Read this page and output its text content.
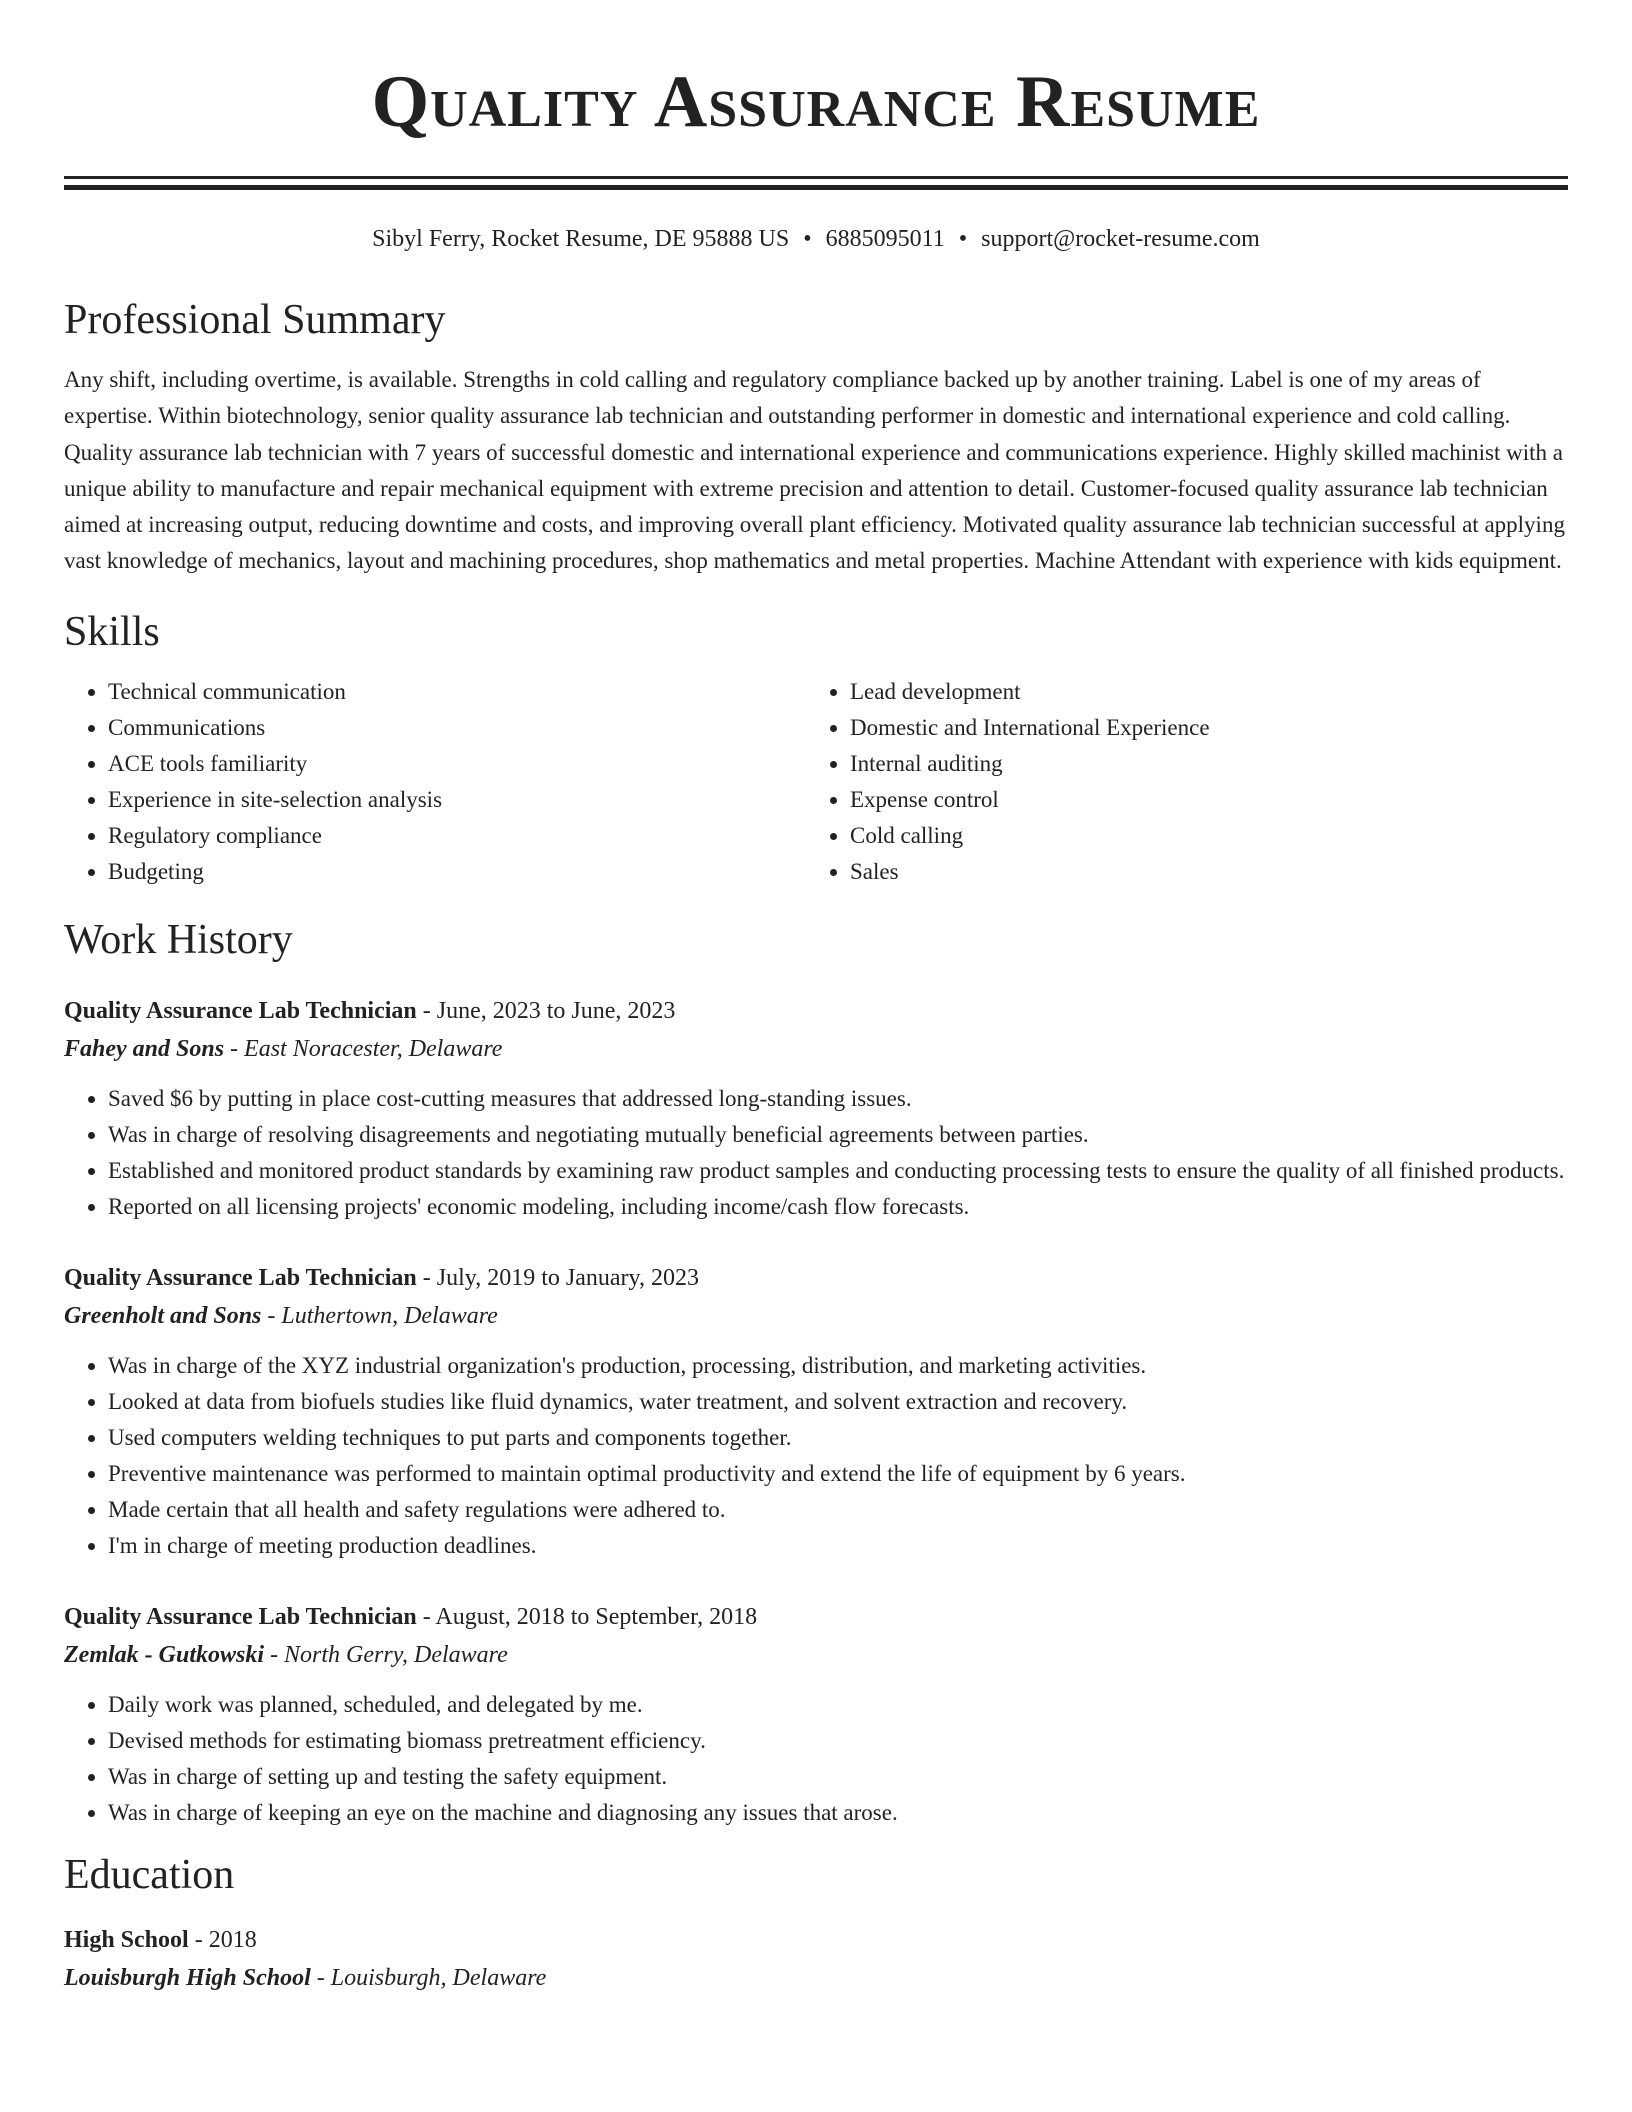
Quality Assurance Resume
Sibyl Ferry, Rocket Resume, DE 95888 US • 6885095011 • support@rocket-resume.com
Professional Summary

Any shift, including overtime, is available. Strengths in cold calling and regulatory compliance backed up by another training. Label is one of my areas of expertise. Within biotechnology, senior quality assurance lab technician and outstanding performer in domestic and international experience and cold calling. Quality assurance lab technician with 7 years of successful domestic and international experience and communications experience. Highly skilled machinist with a unique ability to manufacture and repair mechanical equipment with extreme precision and attention to detail. Customer-focused quality assurance lab technician aimed at increasing output, reducing downtime and costs, and improving overall plant efficiency. Motivated quality assurance lab technician successful at applying vast knowledge of mechanics, layout and machining procedures, shop mathematics and metal properties. Machine Attendant with experience with kids equipment.

Skills
• Technical communication
• Communications
• ACE tools familiarity
• Experience in site-selection analysis
• Regulatory compliance
• Budgeting
• Lead development
• Domestic and International Experience
• Internal auditing
• Expense control
• Cold calling
• Sales
Work History
Quality Assurance Lab Technician - June, 2023 to June, 2023
Fahey and Sons - East Noracester, Delaware
• Saved $6 by putting in place cost-cutting measures that addressed long-standing issues.
• Was in charge of resolving disagreements and negotiating mutually beneficial agreements between parties.
• Established and monitored product standards by examining raw product samples and conducting processing tests to ensure the quality of all finished products.
• Reported on all licensing projects' economic modeling, including income/cash flow forecasts.
Quality Assurance Lab Technician - July, 2019 to January, 2023
Greenholt and Sons - Luthertown, Delaware
• Was in charge of the XYZ industrial organization's production, processing, distribution, and marketing activities.
• Looked at data from biofuels studies like fluid dynamics, water treatment, and solvent extraction and recovery.
• Used computers welding techniques to put parts and components together.
• Preventive maintenance was performed to maintain optimal productivity and extend the life of equipment by 6 years.
• Made certain that all health and safety regulations were adhered to.
• I'm in charge of meeting production deadlines.
Quality Assurance Lab Technician - August, 2018 to September, 2018
Zemlak - Gutkowski - North Gerry, Delaware
• Daily work was planned, scheduled, and delegated by me.
• Devised methods for estimating biomass pretreatment efficiency.
• Was in charge of setting up and testing the safety equipment.
• Was in charge of keeping an eye on the machine and diagnosing any issues that arose.
Education
High School - 2018
Louisburgh High School - Louisburgh, Delaware
